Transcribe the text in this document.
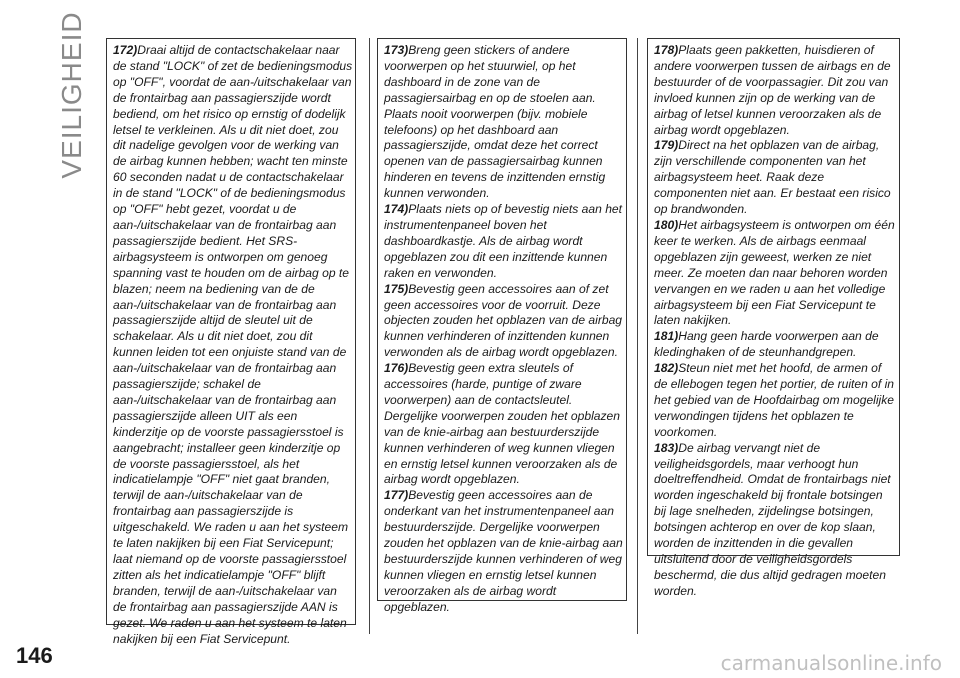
VEILIGHEID 172)Draai altijd de contactschakelaar naar de stand "LOCK" of zet de bedieningsmodus op "OFF", voordat de aan-/uitschakelaar van de frontairbag aan passagierszijde wordt bediend, om het risico op ernstig of dodelijk letsel te verkleinen. Als u dit niet doet, zou dit nadelige gevolgen voor de werking van de airbag kunnen hebben; wacht ten minste 60 seconden nadat u de contactschakelaar in de stand "LOCK" of de bedieningsmodus op "OFF" hebt gezet, voordat u de aan-/uitschakelaar van de frontairbag aan passagierszijde bedient. Het SRS-airbagsysteem is ontworpen om genoeg spanning vast te houden om de airbag op te blazen; neem na bediening van de de aan-/uitschakelaar van de frontairbag aan passagierszijde altijd de sleutel uit de schakelaar. Als u dit niet doet, zou dit kunnen leiden tot een onjuiste stand van de aan-/uitschakelaar van de frontairbag aan passagierszijde; schakel de aan-/uitschakelaar van de frontairbag aan passagierszijde alleen UIT als een kinderzitje op de voorste passagiersstoel is aangebracht; installeer geen kinderzitje op de voorste passagiersstoel, als het indicatielampje "OFF" niet gaat branden, terwijl de aan-/uitschakelaar van de frontairbag aan passagierszijde is uitgeschakeld. We raden u aan het systeem te laten nakijken bij een Fiat Servicepunt; laat niemand op de voorste passagiersstoel zitten als het indicatielampje "OFF" blijft branden, terwijl de aan-/uitschakelaar van de frontairbag aan passagierszijde AAN is gezet. We raden u aan het systeem te laten nakijken bij een Fiat Servicepunt.

173)Breng geen stickers of andere voorwerpen op het stuurwiel, op het dashboard in de zone van de passagiersairbag en op de stoelen aan. Plaats nooit voorwerpen (bijv. mobiele telefoons) op het dashboard aan passagierszijde, omdat deze het correct openen van de passagiersairbag kunnen hinderen en tevens de inzittenden ernstig kunnen verwonden.

174)Plaats niets op of bevestig niets aan het instrumentenpaneel boven het dashboardkastje. Als de airbag wordt opgeblazen zou dit een inzittende kunnen raken en verwonden.

175)Bevestig geen accessoires aan of zet geen accessoires voor de voorruit. Deze objecten zouden het opblazen van de airbag kunnen verhinderen of inzittenden kunnen verwonden als de airbag wordt opgeblazen.

176)Bevestig geen extra sleutels of accessoires (harde, puntige of zware voorwerpen) aan de contactsleutel. Dergelijke voorwerpen zouden het opblazen van de knie-airbag aan bestuurderszijde kunnen verhinderen of weg kunnen vliegen en ernstig letsel kunnen veroorzaken als de airbag wordt opgeblazen.

177)Bevestig geen accessoires aan de onderkant van het instrumentenpaneel aan bestuurderszijde. Dergelijke voorwerpen zouden het opblazen van de knie-airbag aan bestuurderszijde kunnen verhinderen of weg kunnen vliegen en ernstig letsel kunnen veroorzaken als de airbag wordt opgeblazen.

178)Plaats geen pakketten, huisdieren of andere voorwerpen tussen de airbags en de bestuurder of de voorpassagier. Dit zou van invloed kunnen zijn op de werking van de airbag of letsel kunnen veroorzaken als de airbag wordt opgeblazen.

179)Direct na het opblazen van de airbag, zijn verschillende componenten van het airbagsysteem heet. Raak deze componenten niet aan. Er bestaat een risico op brandwonden.

180)Het airbagsysteem is ontworpen om één keer te werken. Als de airbags eenmaal opgeblazen zijn geweest, werken ze niet meer. Ze moeten dan naar behoren worden vervangen en we raden u aan het volledige airbagsysteem bij een Fiat Servicepunt te laten nakijken.

181)Hang geen harde voorwerpen aan de kledinghaken of de steunhandgrepen.

182)Steun niet met het hoofd, de armen of de ellebogen tegen het portier, de ruiten of in het gebied van de Hoofdairbag om mogelijke verwondingen tijdens het opblazen te voorkomen.

183)De airbag vervangt niet de veiligheidsgordels, maar verhoogt hun doeltreffendheid. Omdat de frontairbags niet worden ingeschakeld bij frontale botsingen bij lage snelheden, zijdelingse botsingen, botsingen achterop en over de kop slaan, worden de inzittenden in die gevallen uitsluitend door de veiligheidsgordels beschermd, die dus altijd gedragen moeten worden.

146	carmanualsonline.info
